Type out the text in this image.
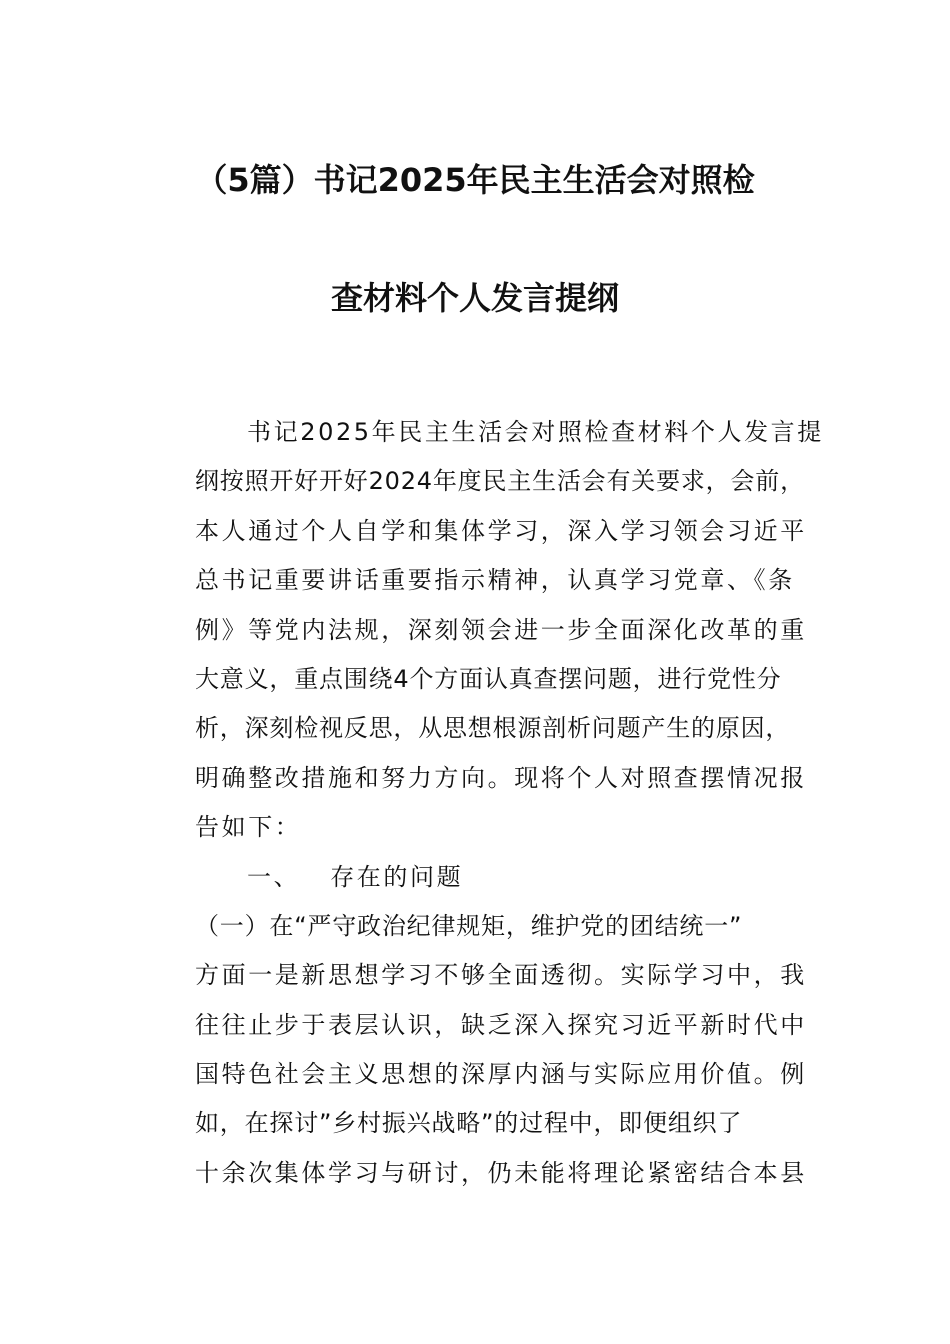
（5篇）书记2025年民主生活会对照检
查材料个人发言提纲
书记2025年民主生活会对照检查材料个人发言提
纲按照开好开好2024年度民主生活会有关要求，会前，
本人通过个人自学和集体学习，深入学习领会习近平
总书记重要讲话重要指示精神，认真学习党章、《条
例》等党内法规，深刻领会进一步全面深化改革的重
大意义，重点围绕4个方面认真查摆问题，进行党性分
析，深刻检视反思，从思想根源剖析问题产生的原因，
明确整改措施和努力方向。现将个人对照查摆情况报
告如下：
一、 存在的问题
（一）在“严守政治纪律规矩，维护党的团结统一”
方面一是新思想学习不够全面透彻。实际学习中，我
往往止步于表层认识，缺乏深入探究习近平新时代中
国特色社会主义思想的深厚内涵与实际应用价值。例
如，在探讨”乡村振兴战略”的过程中，即便组织了
十余次集体学习与研讨，仍未能将理论紧密结合本县
